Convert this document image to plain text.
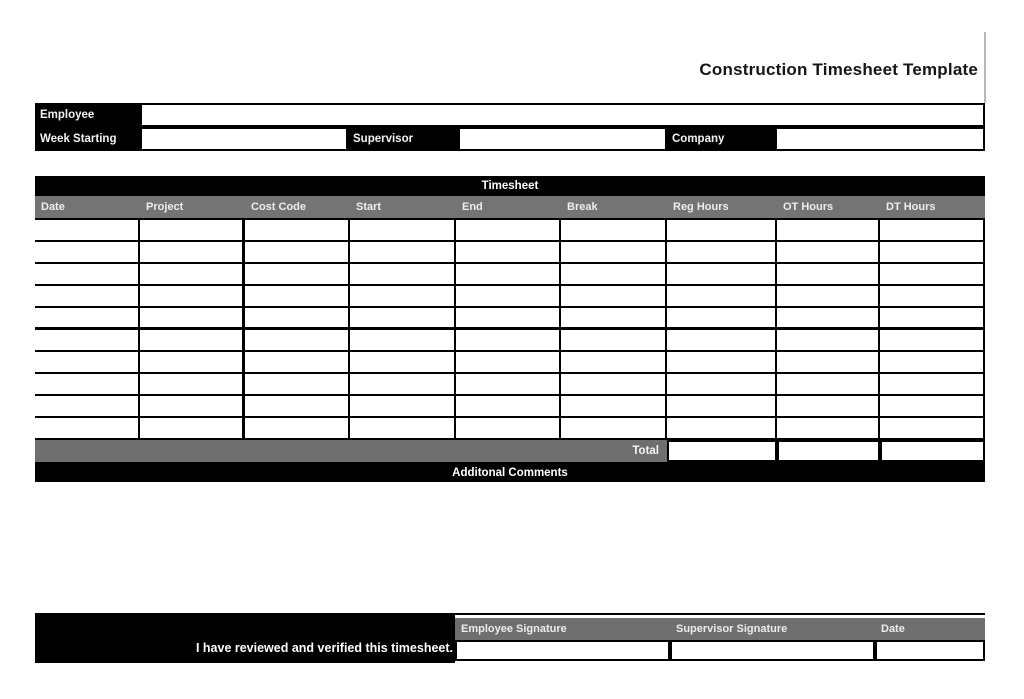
Construction Timesheet Template
Employee
Week Starting	Supervisor	Company
Timesheet
Date	Project	Cost Code	Start	End	Break	Reg Hours	OT Hours	DT Hours
Total
Additonal Comments
I have reviewed and verified this timesheet.
Employee Signature	Supervisor Signature	Date
